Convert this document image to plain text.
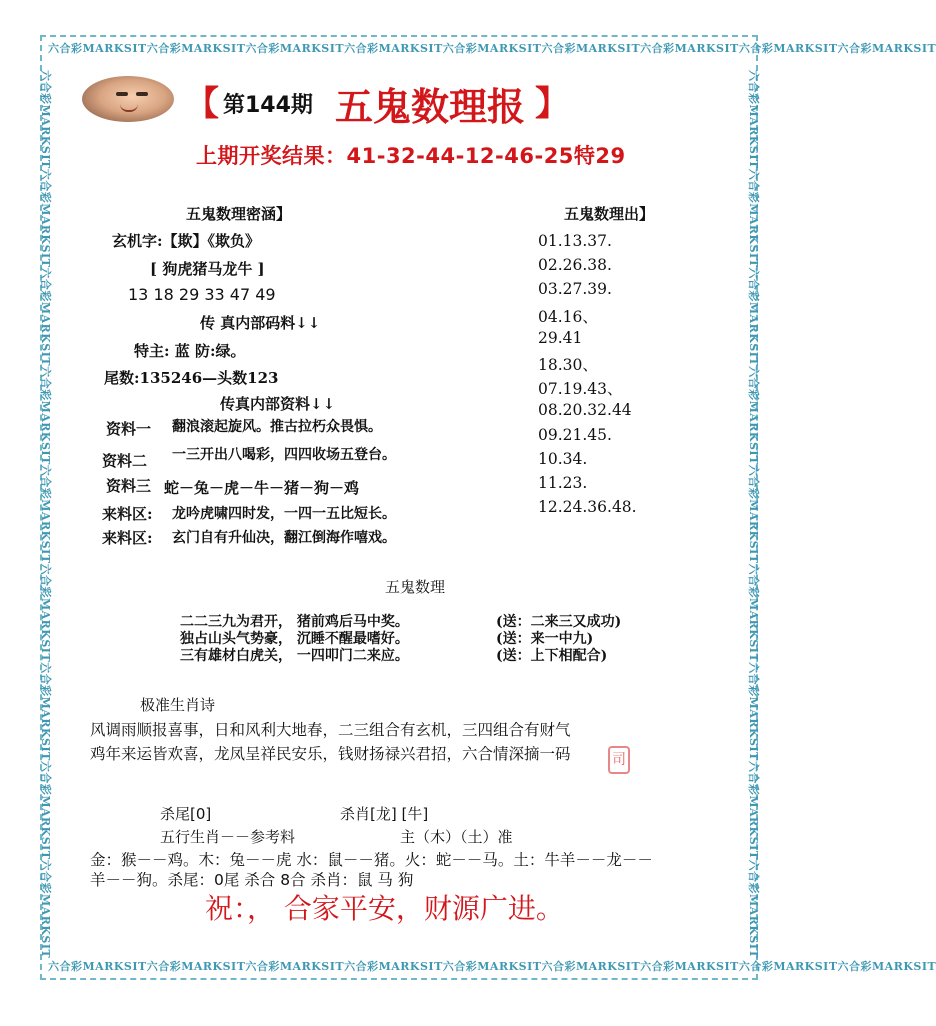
六合彩MARKSIT六合彩MARKSIT六合彩MARKSIT六合彩MARKSIT六合彩MARKSIT六合彩MARKSIT六合彩MARKSIT六合彩MARKSIT六合彩MARKSIT
六合彩MARKSIT六合彩MARKSIT六合彩MARKSIT六合彩MARKSIT六合彩MARKSIT六合彩MARKSIT六合彩MARKSIT六合彩MARKSIT六合彩MARKSIT
六合彩MARKSIT六合彩MARKSIT六合彩MARKSIT六合彩MARKSIT六合彩MARKSIT六合彩MARKSIT六合彩MARKSIT六合彩MARKSIT六合彩MARKSIT	六合彩MARKSIT六合彩MARKSIT六合彩MARKSIT六合彩MARKSIT六合彩MARKSIT六合彩MARKSIT六合彩MARKSIT六合彩MARKSIT六合彩MARKSIT
【 第144期 五鬼数理报 】
上期开奖结果：41-32-44-12-46-25特29
五鬼数理密涵】
玄机字:【欺】《欺负》
[ 狗虎猪马龙牛 ]
13 18 29 33 47 49
传 真内部码料↓↓
特主: 蓝 防:绿。
尾数:135246—头数123
传真内部资料↓↓
资料一 翻浪滚起旋风。推古拉朽众畏惧。
资料二 一三开出八喝彩，四四收场五登台。
资料三 蛇－兔－虎－牛－猪－狗－鸡
来料区: 龙吟虎啸四时发，一四一五比短长。
来料区: 玄门自有升仙决，翻江倒海作嘻戏。
五鬼数理出】
01.13.37.
02.26.38.
03.27.39.
04.16、
29.41
18.30、
07.19.43、
08.20.32.44
09.21.45.
10.34.
11.23.
12.24.36.48.
五鬼数理
二二三九为君开， 猪前鸡后马中奖。	(送：二来三又成功)
独占山头气势豪， 沉睡不醒最嗜好。	(送：来一中九)
三有雄材白虎关， 一四叩门二来应。	(送：上下相配合)
极准生肖诗
风调雨顺报喜事，日和风利大地春，二三组合有玄机，三四组合有财气
鸡年来运皆欢喜，龙凤呈祥民安乐，钱财扬禄兴君招，六合情深摘一码	司
杀尾[0]	杀肖[龙] [牛]
五行生肖－－参考料	主（木）（土）准
金：猴－－鸡。木：兔－－虎 水：鼠－－猪。火：蛇－－马。土：牛羊－－龙－－
羊－－狗。杀尾：0尾 杀合 8合 杀肖：鼠 马 狗
祝：， 合家平安，财源广进。
